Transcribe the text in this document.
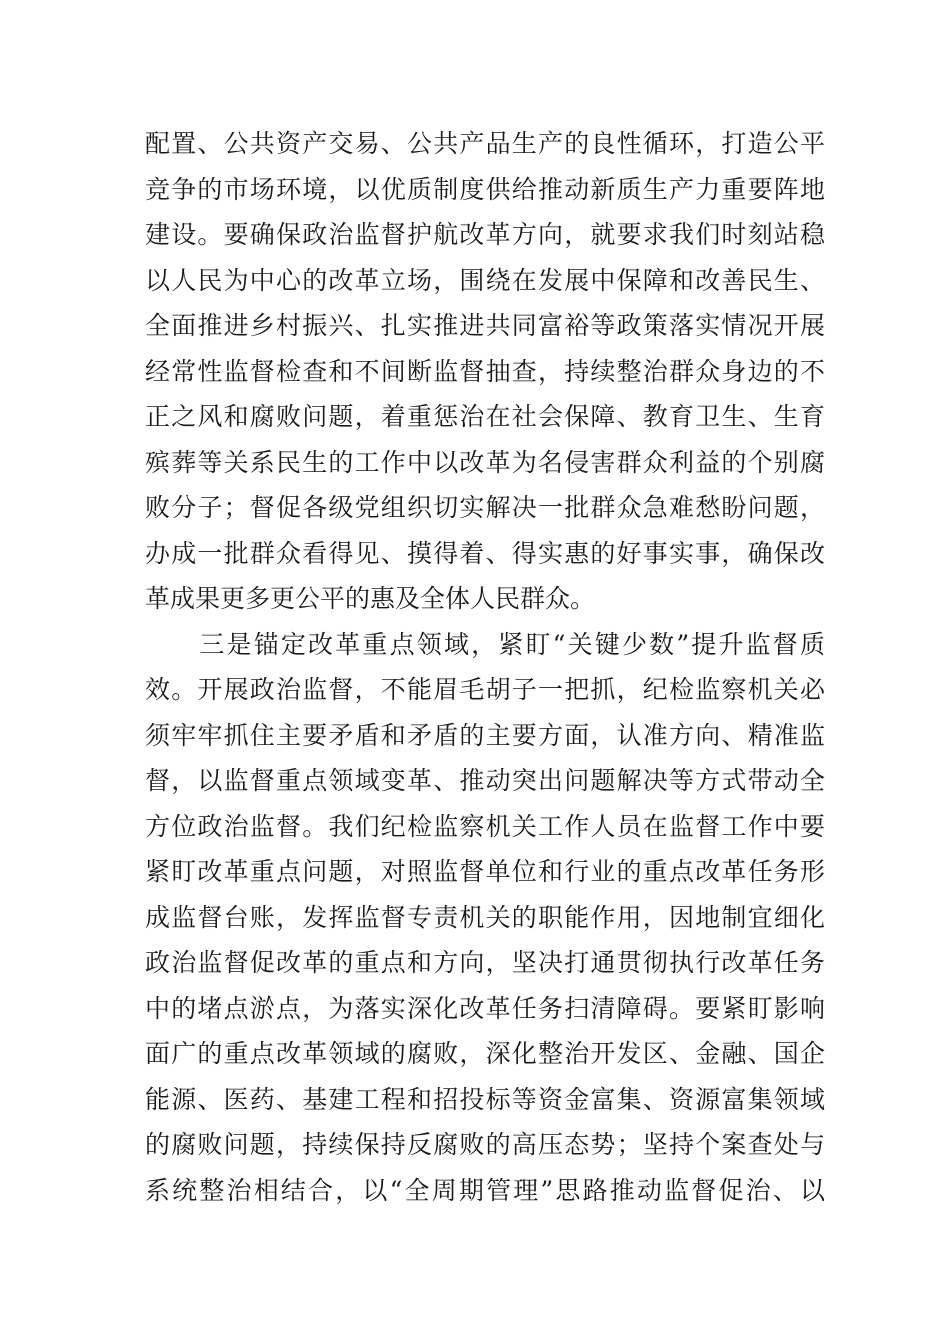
配置、公共资产交易、公共产品生产的良性循环，打造公平
竞争的市场环境，以优质制度供给推动新质生产力重要阵地
建设。要确保政治监督护航改革方向，就要求我们时刻站稳
以人民为中心的改革立场，围绕在发展中保障和改善民生、
全面推进乡村振兴、扎实推进共同富裕等政策落实情况开展
经常性监督检查和不间断监督抽查，持续整治群众身边的不
正之风和腐败问题，着重惩治在社会保障、教育卫生、生育
殡葬等关系民生的工作中以改革为名侵害群众利益的个别腐
败分子；督促各级党组织切实解决一批群众急难愁盼问题，
办成一批群众看得见、摸得着、得实惠的好事实事，确保改
革成果更多更公平的惠及全体人民群众。
　　三是锚定改革重点领域，紧盯“关键少数”提升监督质
效。开展政治监督，不能眉毛胡子一把抓，纪检监察机关必
须牢牢抓住主要矛盾和矛盾的主要方面，认准方向、精准监
督，以监督重点领域变革、推动突出问题解决等方式带动全
方位政治监督。我们纪检监察机关工作人员在监督工作中要
紧盯改革重点问题，对照监督单位和行业的重点改革任务形
成监督台账，发挥监督专责机关的职能作用，因地制宜细化
政治监督促改革的重点和方向，坚决打通贯彻执行改革任务
中的堵点淤点，为落实深化改革任务扫清障碍。要紧盯影响
面广的重点改革领域的腐败，深化整治开发区、金融、国企
能源、医药、基建工程和招投标等资金富集、资源富集领域
的腐败问题，持续保持反腐败的高压态势；坚持个案查处与
系统整治相结合，以“全周期管理”思路推动监督促治、以
